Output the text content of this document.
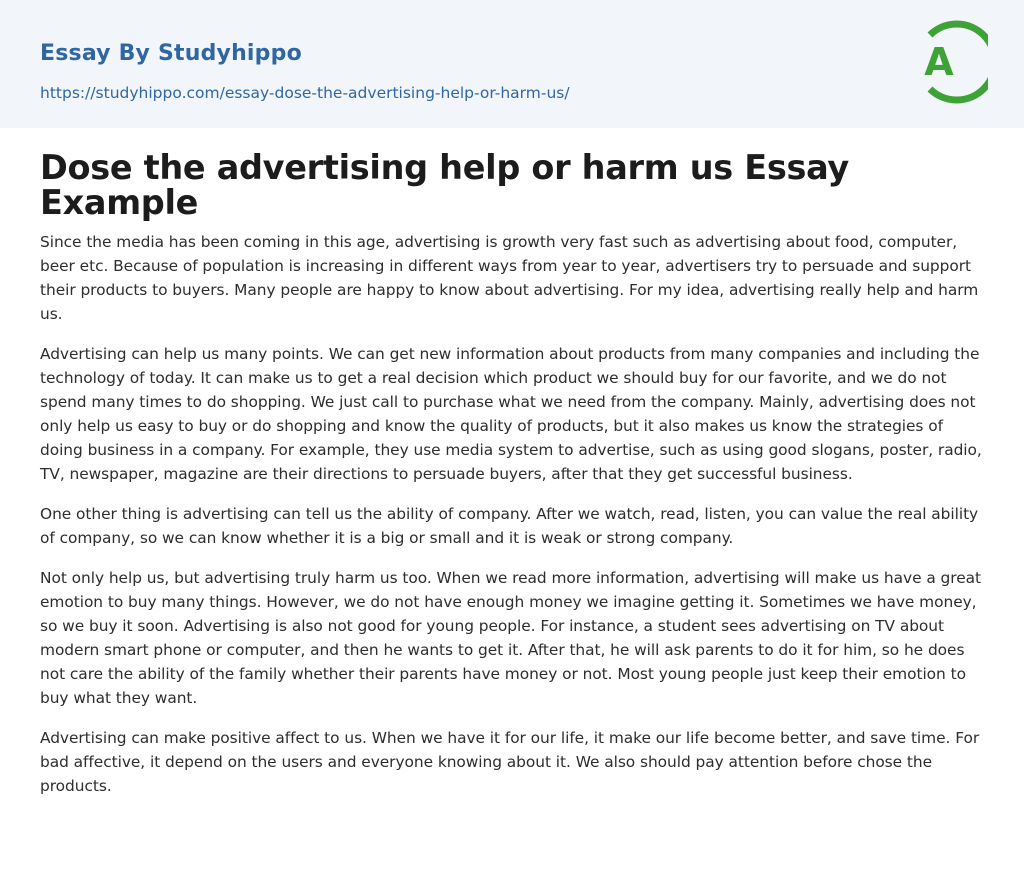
Essay By Studyhippo
https://studyhippo.com/essay-dose-the-advertising-help-or-harm-us/
A
Dose the advertising help or harm us Essay Example

Since the media has been coming in this age, advertising is growth very fast such as advertising about food, computer, beer etc. Because of population is increasing in different ways from year to year, advertisers try to persuade and support their products to buyers. Many people are happy to know about advertising. For my idea, advertising really help and harm us.

Advertising can help us many points. We can get new information about products from many companies and including the technology of today. It can make us to get a real decision which product we should buy for our favorite, and we do not spend many times to do shopping. We just call to purchase what we need from the company. Mainly, advertising does not only help us easy to buy or do shopping and know the quality of products, but it also makes us know the strategies of doing business in a company. For example, they use media system to advertise, such as using good slogans, poster, radio, TV, newspaper, magazine are their directions to persuade buyers, after that they get successful business.

One other thing is advertising can tell us the ability of company. After we watch, read, listen, you can value the real ability of company, so we can know whether it is a big or small and it is weak or strong company.

Not only help us, but advertising truly harm us too. When we read more information, advertising will make us have a great emotion to buy many things. However, we do not have enough money we imagine getting it. Sometimes we have money, so we buy it soon. Advertising is also not good for young people. For instance, a student sees advertising on TV about modern smart phone or computer, and then he wants to get it. After that, he will ask parents to do it for him, so he does not care the ability of the family whether their parents have money or not. Most young people just keep their emotion to buy what they want.

Advertising can make positive affect to us. When we have it for our life, it make our life become better, and save time. For bad affective, it depend on the users and everyone knowing about it. We also should pay attention before chose the products.
